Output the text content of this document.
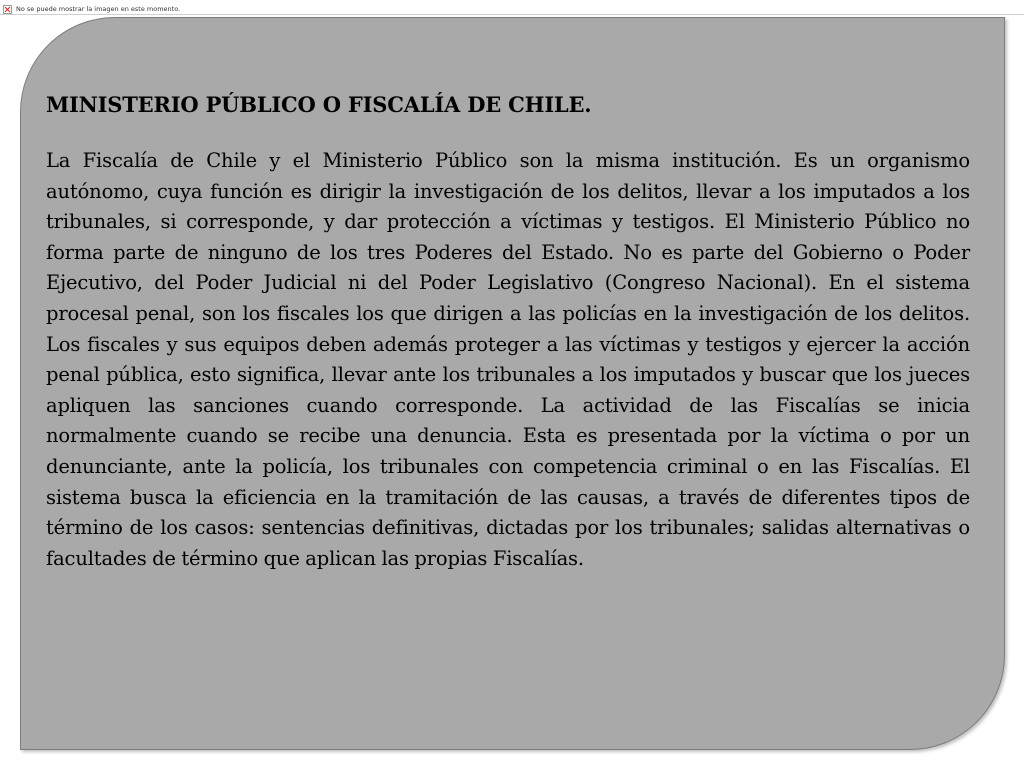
No se puede mostrar la imagen en este momento.
MINISTERIO PÚBLICO O FISCALÍA DE CHILE.

La Fiscalía de Chile y el Ministerio Público son la misma institución. Es un organismo autónomo, cuya función es dirigir la investigación de los delitos, llevar a los imputados a los tribunales, si corresponde, y dar protección a víctimas y testigos. El Ministerio Público no forma parte de ninguno de los tres Poderes del Estado. No es parte del Gobierno o Poder Ejecutivo, del Poder Judicial ni del Poder Legislativo (Congreso Nacional). En el sistema procesal penal, son los fiscales los que dirigen a las policías en la investigación de los delitos. Los fiscales y sus equipos deben además proteger a las víctimas y testigos y ejercer la acción penal pública, esto significa, llevar ante los tribunales a los imputados y buscar que los jueces apliquen las sanciones cuando corresponde. La actividad de las Fiscalías se inicia normalmente cuando se recibe una denuncia. Esta es presentada por la víctima o por un denunciante, ante la policía, los tribunales con competencia criminal o en las Fiscalías. El sistema busca la eficiencia en la tramitación de las causas, a través de diferentes tipos de término de los casos: sentencias definitivas, dictadas por los tribunales; salidas alternativas o facultades de término que aplican las propias Fiscalías.
